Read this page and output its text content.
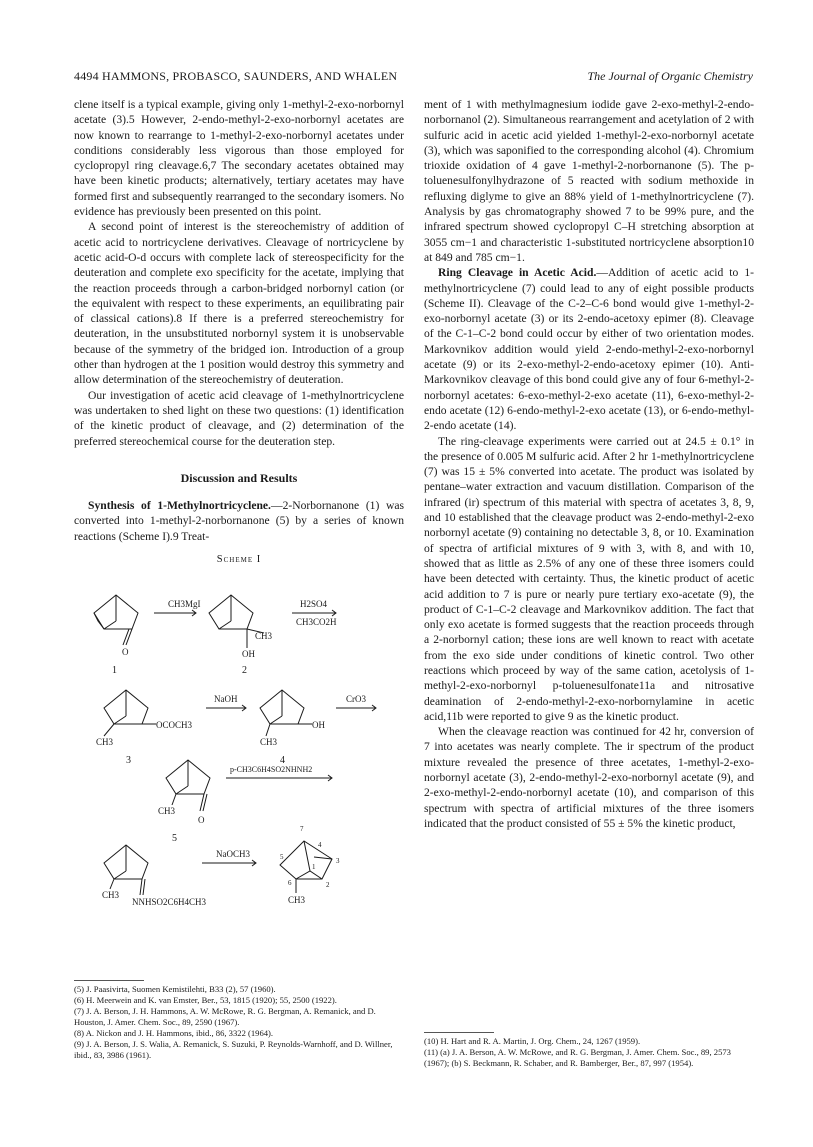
4494 HAMMONS, PROBASCO, SAUNDERS, AND WHALEN	The Journal of Organic Chemistry

clene itself is a typical example, giving only 1-methyl-2-exo-norbornyl acetate (3).5 However, 2-endo-methyl-2-exo-norbornyl acetates are now known to rearrange to 1-methyl-2-exo-norbornyl acetates under conditions considerably less vigorous than those employed for cyclopropyl ring cleavage.6,7 The secondary acetates obtained may have been kinetic products; alternatively, tertiary acetates may have formed first and subsequently rearranged to the secondary isomers. No evidence has previously been presented on this point.

A second point of interest is the stereochemistry of addition of acetic acid to nortricyclene derivatives. Cleavage of nortricyclene by acetic acid-O-d occurs with complete lack of stereospecificity for the deuteration and complete exo specificity for the acetate, implying that the reaction proceeds through a carbon-bridged norbornyl cation (or the equivalent with respect to these experiments, an equilibrating pair of classical cations).8 If there is a preferred stereochemistry for deuteration, in the unsubstituted norbornyl system it is unobservable because of the symmetry of the bridged ion. Introduction of a group other than hydrogen at the 1 position would destroy this symmetry and allow determination of the stereochemistry of deuteration.

Our investigation of acetic acid cleavage of 1-methylnortricyclene was undertaken to shed light on these two questions: (1) identification of the kinetic product of cleavage, and (2) determination of the preferred stereochemical course for the deuteration step.

Discussion and Results

Synthesis of 1-Methylnortricyclene.—2-Norbornanone (1) was converted into 1-methyl-2-norbornanone (5) by a series of known reactions (Scheme I).9 Treat-

Scheme I
CH3MgI
O
1
CH3
OH
2
H2SO4
CH3CO2H
OCOCH3
CH3
3
NaOH
OH
CH3
4
CrO3
p-CH3C6H4SO2NHNH2
CH3
O
5
CH3
NNHSO2C6H4CH3
NaOCH3
7
4
3
2
6
5
1
CH3

ment of 1 with methylmagnesium iodide gave 2-exo-methyl-2-endo-norbornanol (2). Simultaneous rearrangement and acetylation of 2 with sulfuric acid in acetic acid yielded 1-methyl-2-exo-norbornyl acetate (3), which was saponified to the corresponding alcohol (4). Chromium trioxide oxidation of 4 gave 1-methyl-2-norbornanone (5). The p-toluenesulfonylhydrazone of 5 reacted with sodium methoxide in refluxing diglyme to give an 88% yield of 1-methylnortricyclene (7). Analysis by gas chromatography showed 7 to be 99% pure, and the infrared spectrum showed cyclopropyl C–H stretching absorption at 3055 cm−1 and characteristic 1-substituted nortricyclene absorption10 at 849 and 785 cm−1.

Ring Cleavage in Acetic Acid.—Addition of acetic acid to 1-methylnortricyclene (7) could lead to any of eight possible products (Scheme II). Cleavage of the C-2–C-6 bond would give 1-methyl-2-exo-norbornyl acetate (3) or its 2-endo-acetoxy epimer (8). Cleavage of the C-1–C-2 bond could occur by either of two orientation modes. Markovnikov addition would yield 2-endo-methyl-2-exo-norbornyl acetate (9) or its 2-exo-methyl-2-endo-acetoxy epimer (10). Anti-Markovnikov cleavage of this bond could give any of four 6-methyl-2-norbornyl acetates: 6-exo-methyl-2-exo acetate (11), 6-exo-methyl-2-endo acetate (12) 6-endo-methyl-2-exo acetate (13), or 6-endo-methyl-2-endo acetate (14).

The ring-cleavage experiments were carried out at 24.5 ± 0.1° in the presence of 0.005 M sulfuric acid. After 2 hr 1-methylnortricyclene (7) was 15 ± 5% converted into acetate. The product was isolated by pentane–water extraction and vacuum distillation. Comparison of the infrared (ir) spectrum of this material with spectra of acetates 3, 8, 9, and 10 established that the cleavage product was 2-endo-methyl-2-exo norbornyl acetate (9) containing no detectable 3, 8, or 10. Examination of spectra of artificial mixtures of 9 with 3, with 8, and with 10, showed that as little as 2.5% of any one of these three isomers could have been detected with certainty. Thus, the kinetic product of acetic acid addition to 7 is pure or nearly pure tertiary exo-acetate (9), the product of C-1–C-2 cleavage and Markovnikov addition. The fact that only exo acetate is formed suggests that the reaction proceeds through a 2-norbornyl cation; these ions are well known to react with acetate from the exo side under conditions of kinetic control. Two other reactions which proceed by way of the same cation, acetolysis of 1-methyl-2-exo-norbornyl p-toluenesulfonate11a and nitrosative deamination of 2-endo-methyl-2-exo-norbornylamine in acetic acid,11b were reported to give 9 as the kinetic product.

When the cleavage reaction was continued for 42 hr, conversion of 7 into acetates was nearly complete. The ir spectrum of the product mixture revealed the presence of three acetates, 1-methyl-2-exo-norbornyl acetate (3), 2-endo-methyl-2-exo-norbornyl acetate (9), and 2-exo-methyl-2-endo-norbornyl acetate (10), and comparison of this spectrum with spectra of artificial mixtures of the three isomers indicated that the product consisted of 55 ± 5% the kinetic product,

(5) J. Paasivirta, Suomen Kemistilehti, B33 (2), 57 (1960).

(6) H. Meerwein and K. van Emster, Ber., 53, 1815 (1920); 55, 2500 (1922).

(7) J. A. Berson, J. H. Hammons, A. W. McRowe, R. G. Bergman, A. Remanick, and D. Houston, J. Amer. Chem. Soc., 89, 2590 (1967).

(8) A. Nickon and J. H. Hammons, ibid., 86, 3322 (1964).

(9) J. A. Berson, J. S. Walia, A. Remanick, S. Suzuki, P. Reynolds-Warnhoff, and D. Willner, ibid., 83, 3986 (1961).

(10) H. Hart and R. A. Martin, J. Org. Chem., 24, 1267 (1959).

(11) (a) J. A. Berson, A. W. McRowe, and R. G. Bergman, J. Amer. Chem. Soc., 89, 2573 (1967); (b) S. Beckmann, R. Schaber, and R. Bamberger, Ber., 87, 997 (1954).
